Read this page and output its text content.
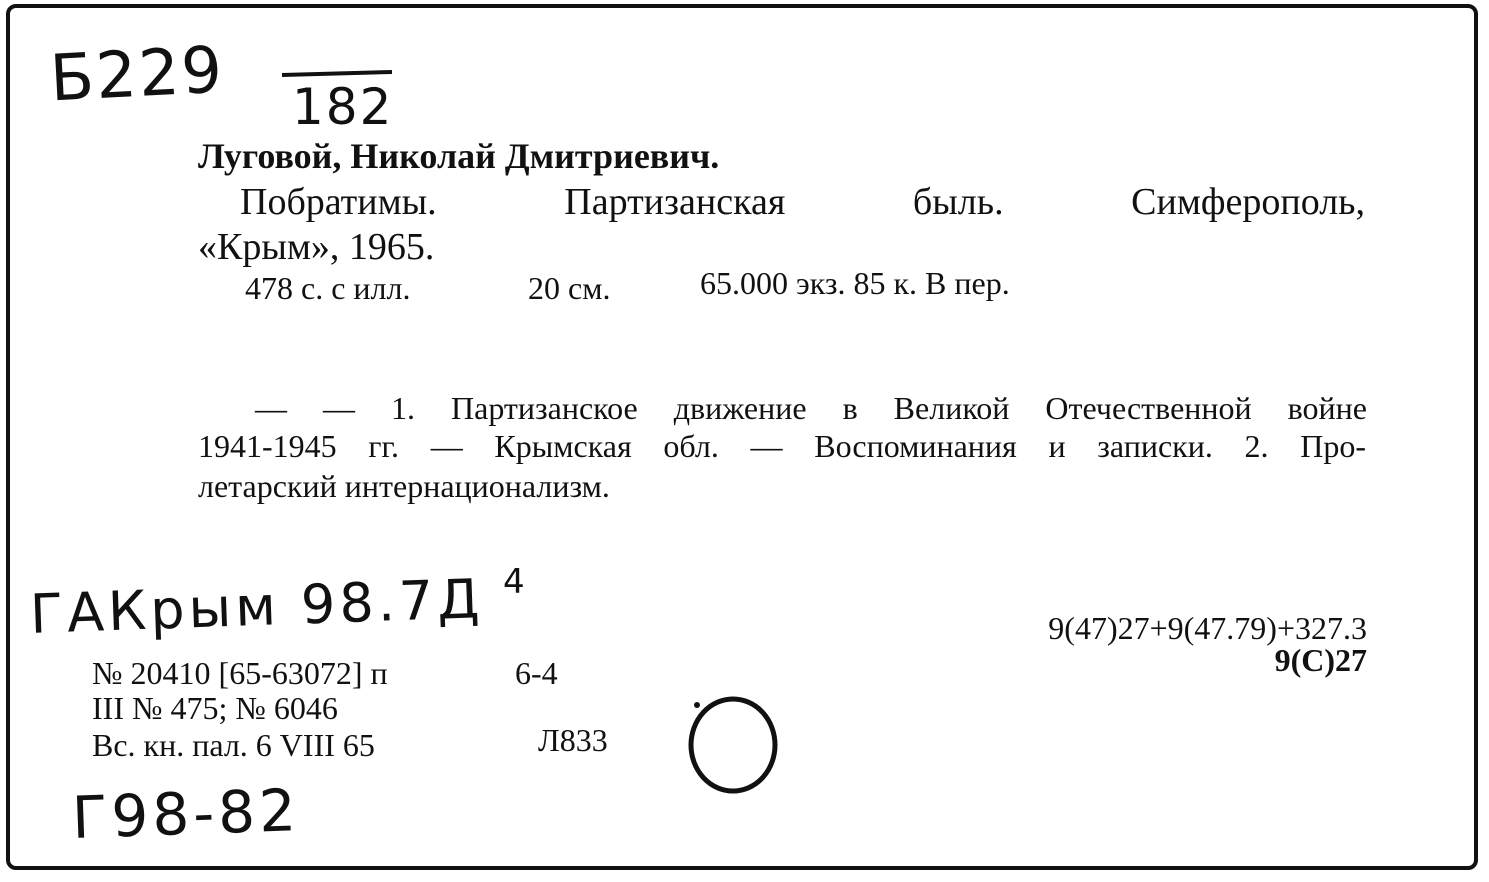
Б229 182
Луговой, Николай Дмитриевич.
Побратимы. Партизанская быль. Симферополь,
«Крым», 1965.
478 с. с илл.	20 см.	65.000 экз. 85 к. В пер.
— — 1. Партизанское движение в Великой Отечественной войне
1941-1945 гг. — Крымская обл. — Воспоминания и записки. 2. Про-
летарский интернационализм.
ГАКрым 98.7Д 4
9(47)27+9(47.79)+327.3
9(С)27
№ 20410 [65-63072] п	6-4
III № 475; № 6046
Вс. кн. пал. 6 VIII 65	Л833
Г98-82
